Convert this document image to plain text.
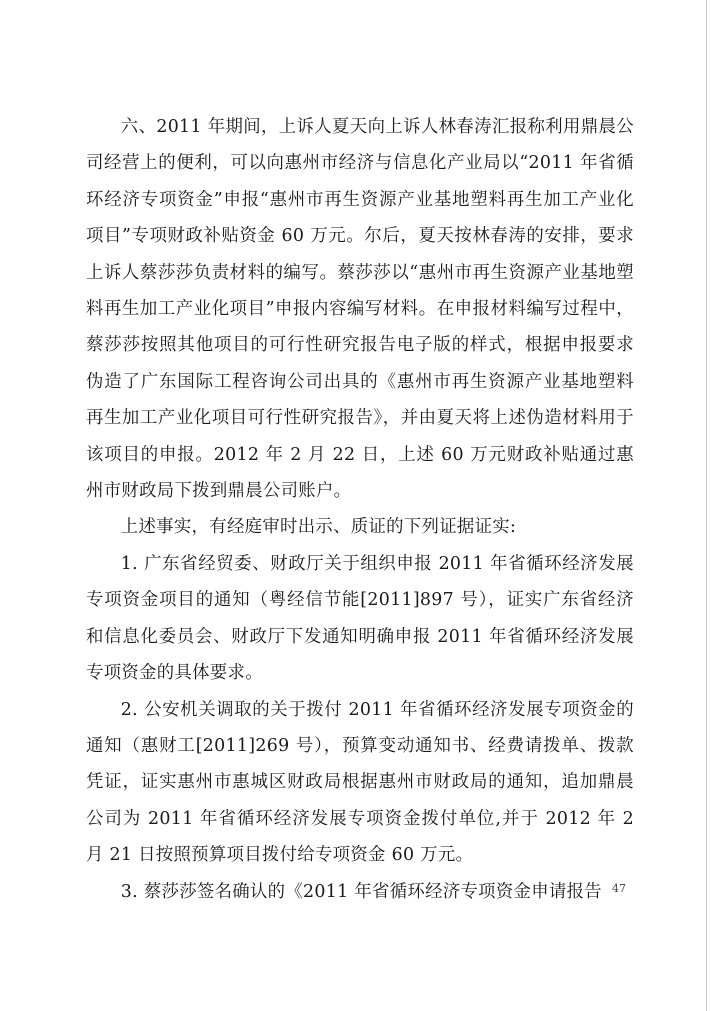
六、2011 年期间，上诉人夏天向上诉人林春涛汇报称利用鼎晨公司经营上的便利，可以向惠州市经济与信息化产业局以“2011 年省循环经济专项资金”申报“惠州市再生资源产业基地塑料再生加工产业化项目”专项财政补贴资金 60 万元。尔后，夏天按林春涛的安排，要求上诉人蔡莎莎负责材料的编写。蔡莎莎以“惠州市再生资源产业基地塑料再生加工产业化项目”申报内容编写材料。在申报材料编写过程中，蔡莎莎按照其他项目的可行性研究报告电子版的样式，根据申报要求伪造了广东国际工程咨询公司出具的《惠州市再生资源产业基地塑料再生加工产业化项目可行性研究报告》，并由夏天将上述伪造材料用于该项目的申报。2012 年 2 月 22 日，上述 60 万元财政补贴通过惠州市财政局下拨到鼎晨公司账户。

上述事实，有经庭审时出示、质证的下列证据证实:

1. 广东省经贸委、财政厅关于组织申报 2011 年省循环经济发展专项资金项目的通知（粤经信节能[2011]897 号），证实广东省经济和信息化委员会、财政厅下发通知明确申报 2011 年省循环经济发展专项资金的具体要求。

2. 公安机关调取的关于拨付 2011 年省循环经济发展专项资金的通知（惠财工[2011]269 号），预算变动通知书、经费请拨单、拨款凭证，证实惠州市惠城区财政局根据惠州市财政局的通知，追加鼎晨公司为 2011 年省循环经济发展专项资金拨付单位,并于 2012 年 2 月 21 日按照预算项目拨付给专项资金 60 万元。

3. 蔡莎莎签名确认的《2011 年省循环经济专项资金申请报告 47
